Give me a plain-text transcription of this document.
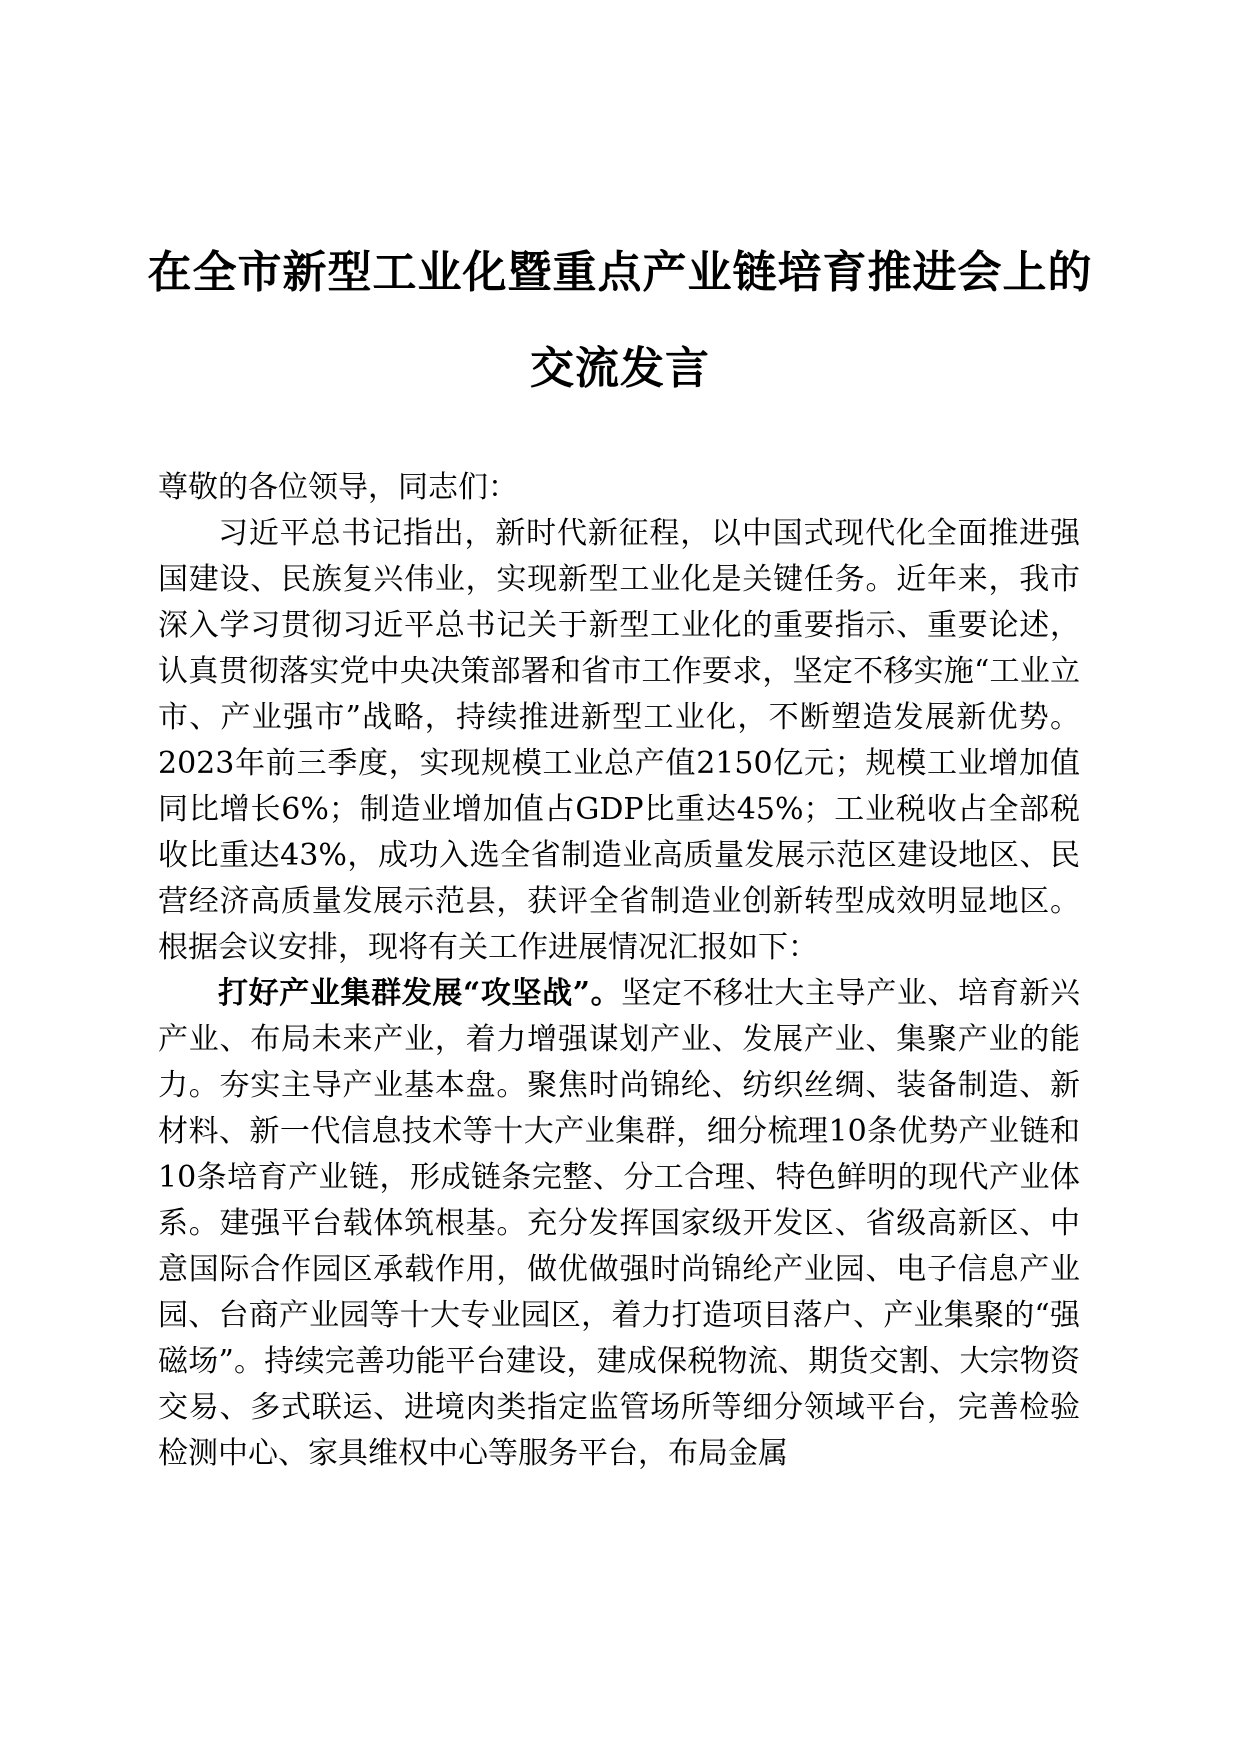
在全市新型工业化暨重点产业链培育推进会上的交流发言

尊敬的各位领导，同志们：

习近平总书记指出，新时代新征程，以中国式现代化全面推进强国建设、民族复兴伟业，实现新型工业化是关键任务。近年来，我市深入学习贯彻习近平总书记关于新型工业化的重要指示、重要论述，认真贯彻落实党中央决策部署和省市工作要求，坚定不移实施“工业立市、产业强市”战略，持续推进新型工业化，不断塑造发展新优势。2023年前三季度，实现规模工业总产值2150亿元；规模工业增加值同比增长6%；制造业增加值占GDP比重达45%；工业税收占全部税收比重达43%，成功入选全省制造业高质量发展示范区建设地区、民营经济高质量发展示范县，获评全省制造业创新转型成效明显地区。根据会议安排，现将有关工作进展情况汇报如下：

打好产业集群发展“攻坚战”。坚定不移壮大主导产业、培育新兴产业、布局未来产业，着力增强谋划产业、发展产业、集聚产业的能力。夯实主导产业基本盘。聚焦时尚锦纶、纺织丝绸、装备制造、新材料、新一代信息技术等十大产业集群，细分梳理10条优势产业链和10条培育产业链，形成链条完整、分工合理、特色鲜明的现代产业体系。建强平台载体筑根基。充分发挥国家级开发区、省级高新区、中意国际合作园区承载作用，做优做强时尚锦纶产业园、电子信息产业园、台商产业园等十大专业园区，着力打造项目落户、产业集聚的“强磁场”。持续完善功能平台建设，建成保税物流、期货交割、大宗物资交易、多式联运、进境肉类指定监管场所等细分领域平台，完善检验检测中心、家具维权中心等服务平台，布局金属
